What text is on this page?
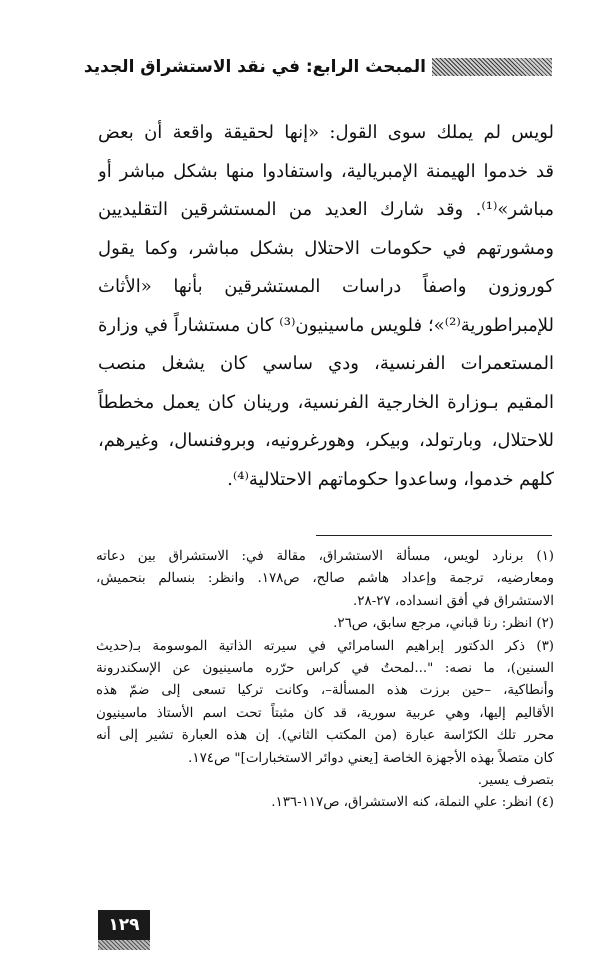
المبحث الرابع: في نقد الاستشراق الجديد
لويس لم يملك سوى القول: «إنها لحقيقة واقعة أن بعض
قد خدموا الهيمنة الإمبريالية، واستفادوا منها بشكل مباشر أو
مباشر»⁽¹⁾. وقد شارك العديد من المستشرقين التقليديين
ومشورتهم في حكومات الاحتلال بشكل مباشر، وكما يقول
كوروزون واصفاً دراسات المستشرقين بأنها «الأثاث
للإمبراطورية⁽²⁾»؛ فلويس ماسينيون⁽³⁾ كان مستشاراً في وزارة
المستعمرات الفرنسية، ودي ساسي كان يشغل منصب
المقيم بـوزارة الخارجية الفرنسية، ورينان كان يعمل مخططاً
للاحتلال، وبارتولد، وبيكر، وهورغرونيه، وبروفنسال، وغيرهم،
كلهم خدموا، وساعدوا حكوماتهم الاحتلالية⁽⁴⁾.
(١) برنارد لويس، مسألة الاستشراق، مقالة في: الاستشراق بين دعاته
ومعارضيه، ترجمة وإعداد هاشم صالح، ص١٧٨. وانظر: بنسالم بنحميش،
الاستشراق في أفق انسداده، ٢٧-٢٨.
(٢) انظر: رنا قباني، مرجع سابق، ص٢٦.
(٣) ذكر الدكتور إبراهيم السامرائي في سيرته الذاتية الموسومة بـ(حديث
السنين)، ما نصه: "...لمحتُ في كراس حرّره ماسينيون عن الإسكندرونة
وأنطاكية، –حين برزت هذه المسألة–، وكانت تركيا تسعى إلى ضمّ هذه
الأقاليم إليها، وهي عربية سورية، قد كان مثبتاً تحت اسم الأستاذ ماسينيون
محرر تلك الكرّاسة عبارة (من المكتب الثاني). إن هذه العبارة تشير إلى أنه
كان متصلاً بهذه الأجهزة الخاصة [يعني دوائر الاستخبارات]" ص١٧٤.
بتصرف يسير.
(٤) انظر: علي النملة، كنه الاستشراق، ص١١٧-١٣٦.
١٢٩
